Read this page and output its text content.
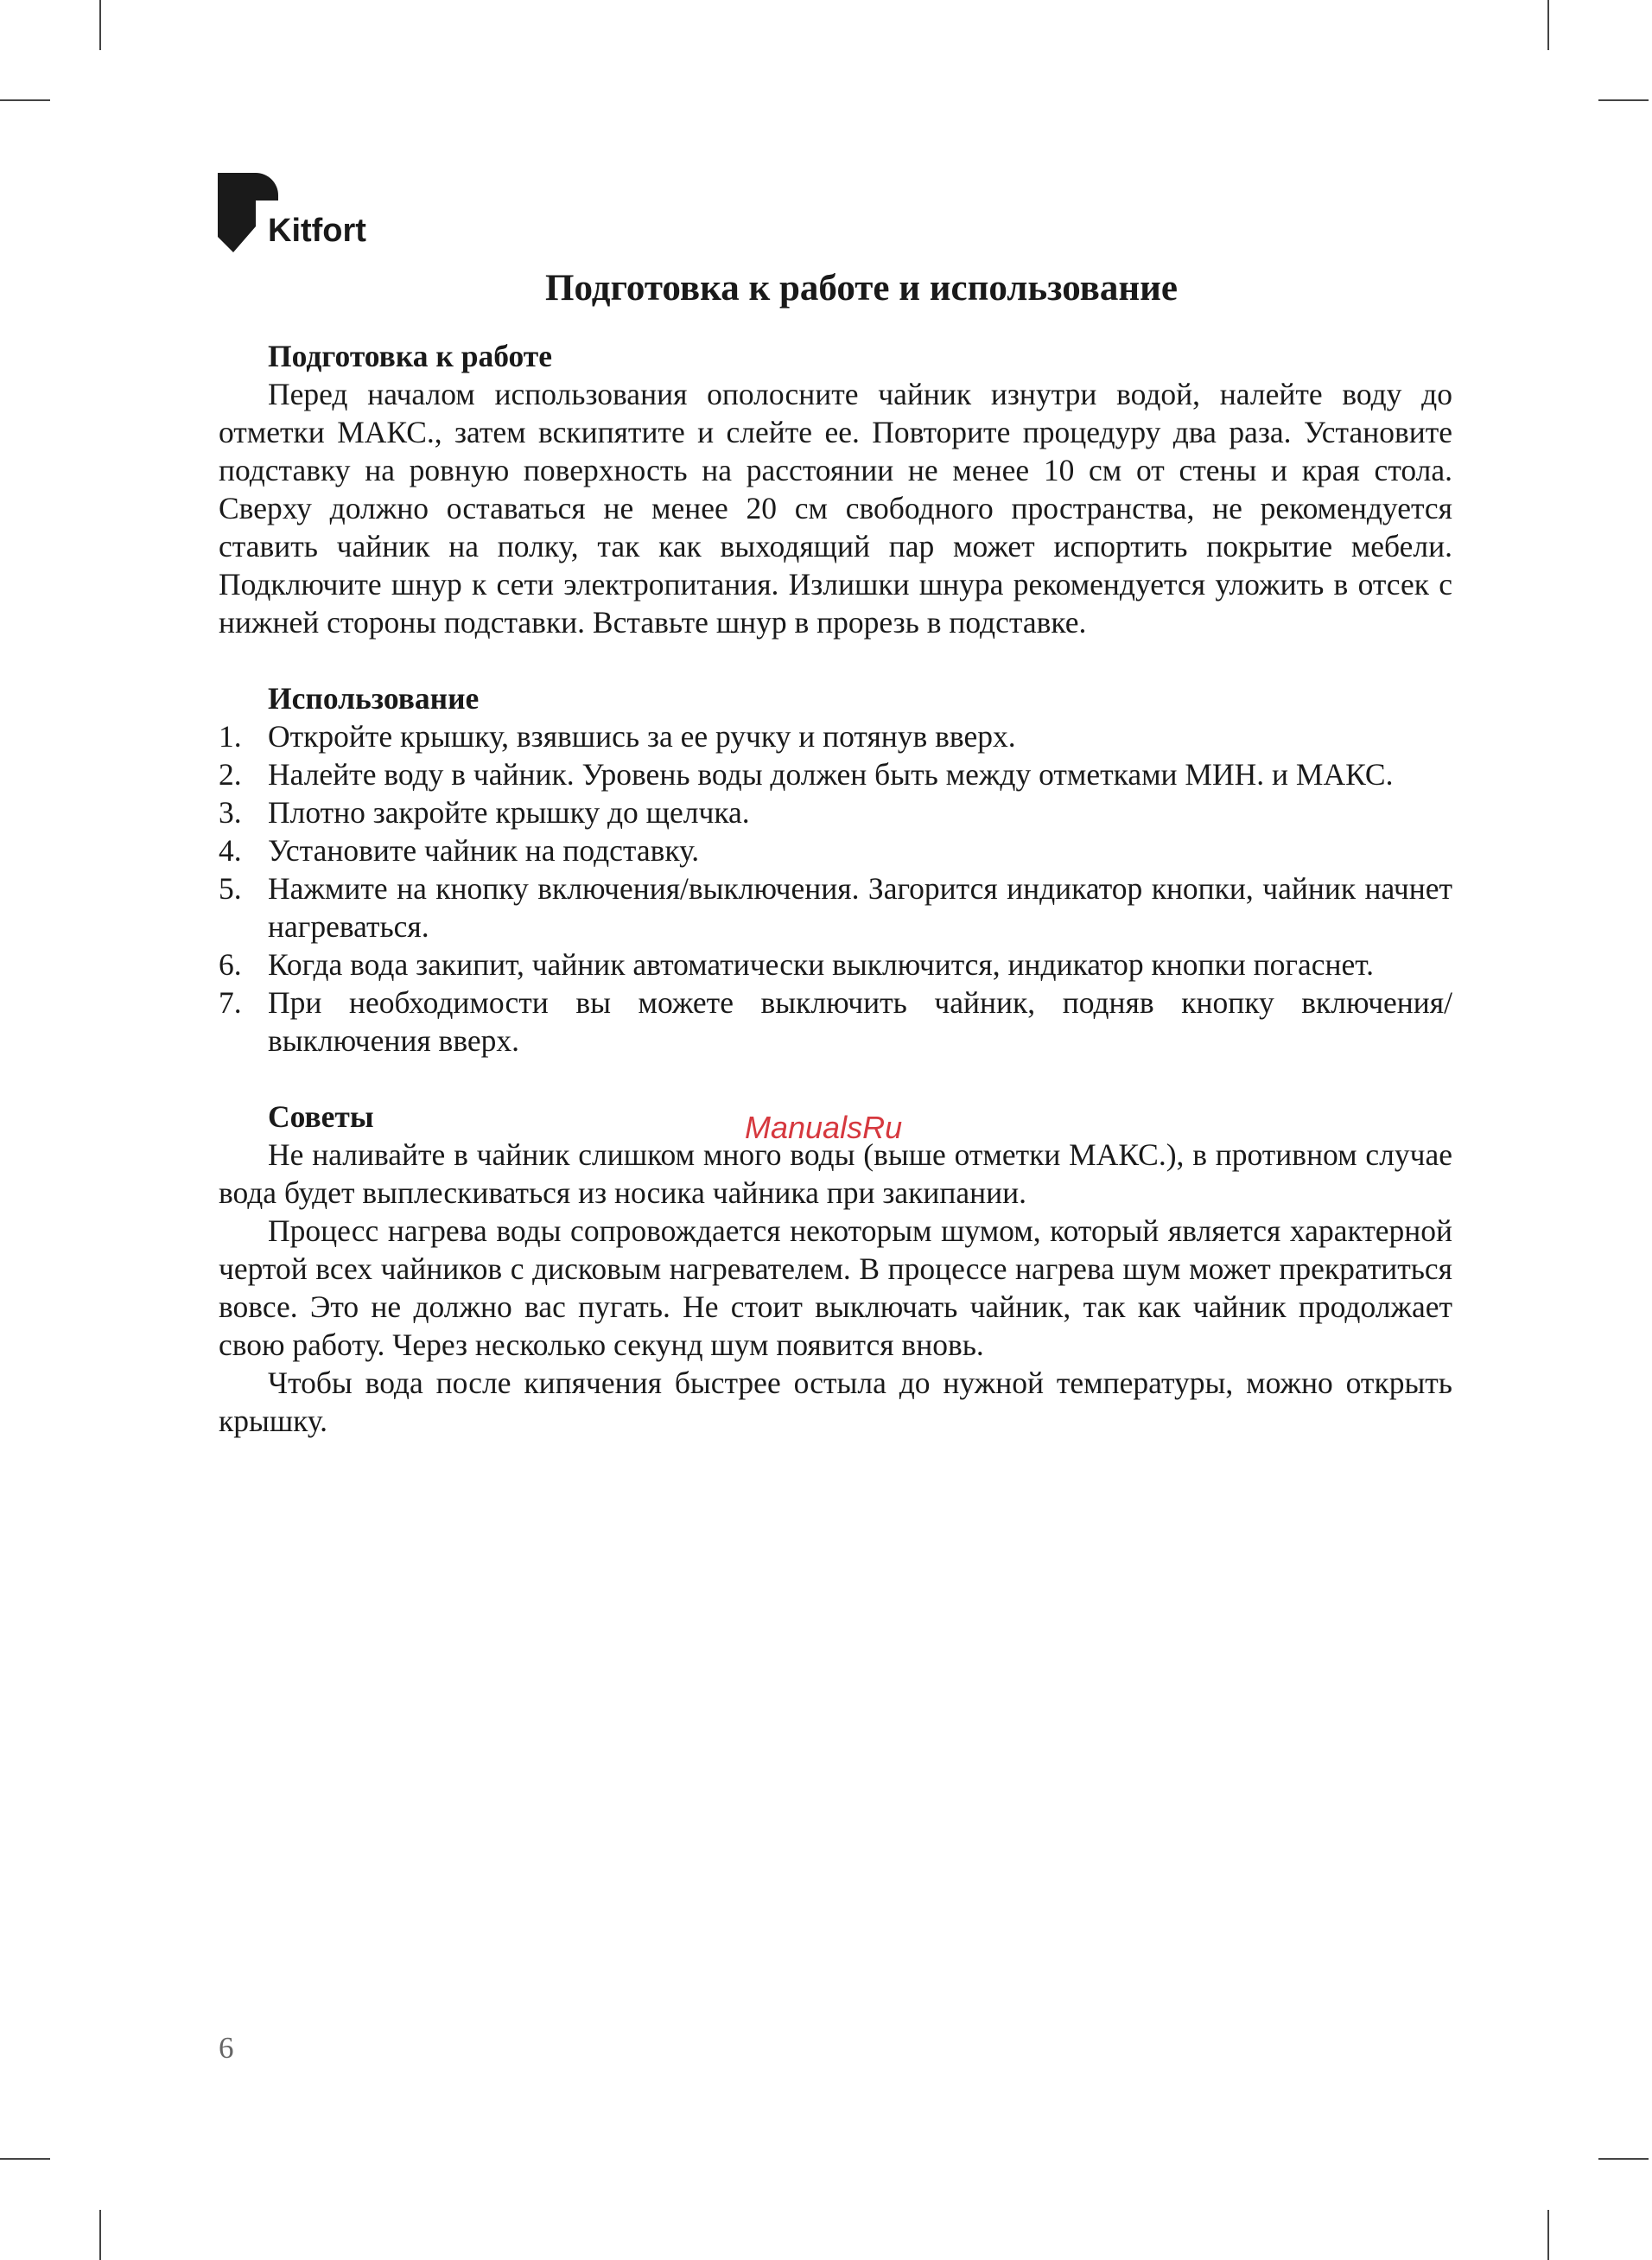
Kitfort
Подготовка к работе и использование

Подготовка к работе

Перед началом использования ополосните чайник изнутри водой, налейте воду до отметки МАКС., затем вскипятите и слейте ее. Повторите процедуру два раза. Установите подставку на ровную поверхность на расстоянии не менее 10 см от стены и края стола. Сверху должно оставаться не менее 20 см свободного пространства, не рекомендуется ставить чайник на полку, так как выходящий пар может испортить покрытие мебели. Подключите шнур к сети электропитания. Излишки шнура рекомендуется уложить в отсек с нижней стороны подставки. Вставьте шнур в прорезь в подставке.

Использование

1. Откройте крышку, взявшись за ее ручку и потянув вверх.
2. Налейте воду в чайник. Уровень воды должен быть между отметками МИН. и МАКС.
3. Плотно закройте крышку до щелчка.
4. Установите чайник на подставку.
5. Нажмите на кнопку включения/выключения. Загорится индикатор кнопки, чайник начнет нагреваться.
6. Когда вода закипит, чайник автоматически выключится, индикатор кнопки погаснет.
7. При необходимости вы можете выключить чайник, подняв кнопку включения/выключения вверх.

Советы

Не наливайте в чайник слишком много воды (выше отметки МАКС.), в противном случае вода будет выплескиваться из носика чайника при закипании.

Процесс нагрева воды сопровождается некоторым шумом, который является характерной чертой всех чайников с дисковым нагревателем. В процессе нагрева шум может прекратиться вовсе. Это не должно вас пугать. Не стоит выключать чайник, так как чайник продолжает свою работу. Через несколько секунд шум появится вновь.

Чтобы вода после кипячения быстрее остыла до нужной температуры, можно открыть крышку.

ManualsRu
6
